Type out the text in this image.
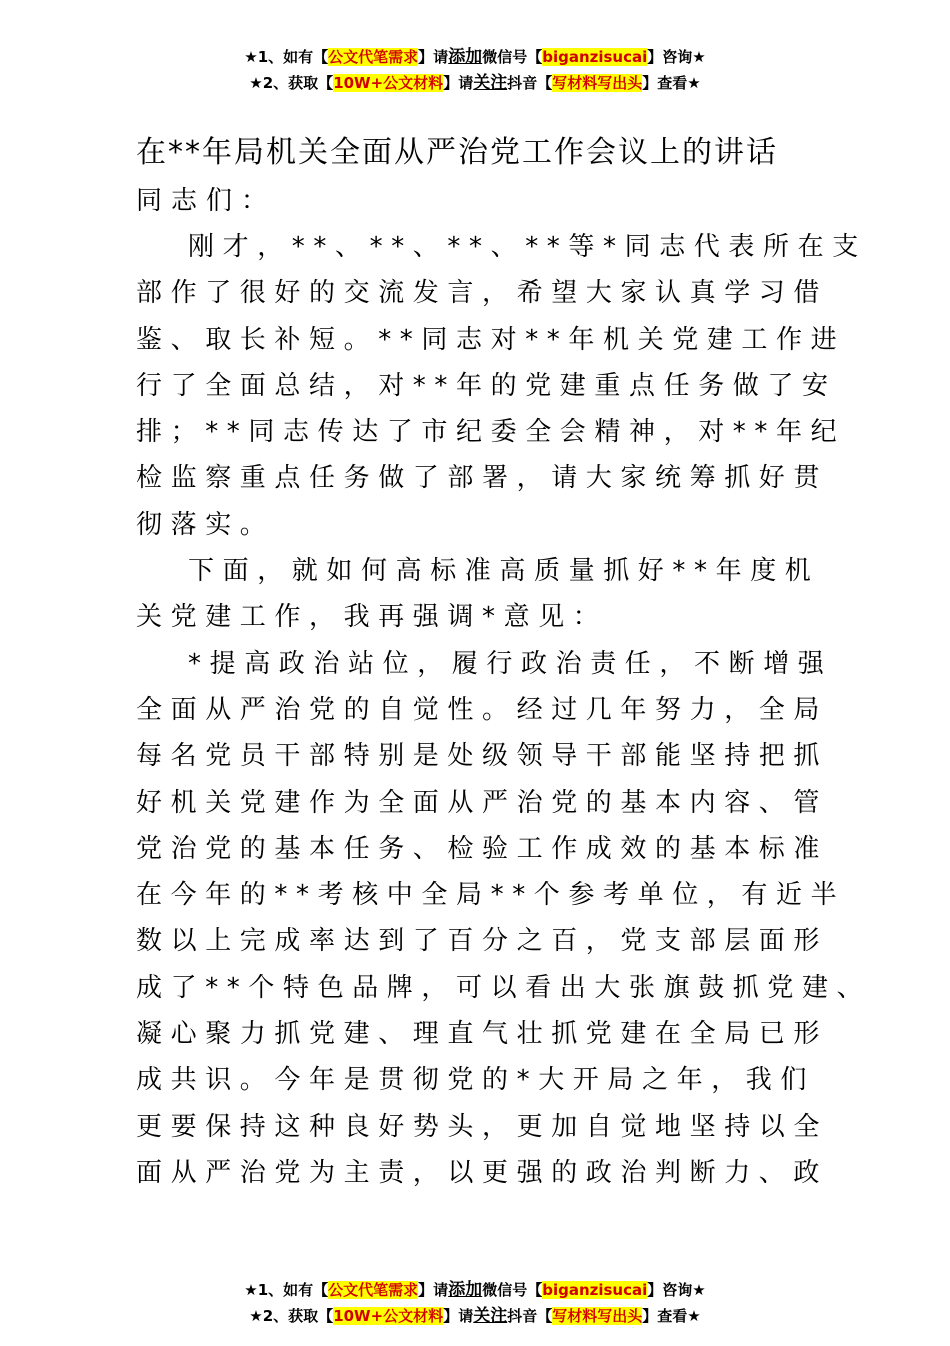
★1、如有【公文代笔需求】请添加微信号【biganzisucai】咨询★
★2、获取【10W+公文材料】请关注抖音【写材料写出头】查看★
在**年局机关全面从严治党工作会议上的讲话
同志们：
刚才，**、**、**、**等*同志代表所在支
部作了很好的交流发言，希望大家认真学习借
鉴、取长补短。**同志对**年机关党建工作进
行了全面总结，对**年的党建重点任务做了安
排；**同志传达了市纪委全会精神，对**年纪
检监察重点任务做了部署，请大家统筹抓好贯
彻落实。
下面，就如何高标准高质量抓好**年度机
关党建工作，我再强调*意见：
*提高政治站位，履行政治责任，不断增强
全面从严治党的自觉性。经过几年努力，全局
每名党员干部特别是处级领导干部能坚持把抓
好机关党建作为全面从严治党的基本内容、管
党治党的基本任务、检验工作成效的基本标准
在今年的**考核中全局**个参考单位，有近半
数以上完成率达到了百分之百，党支部层面形
成了**个特色品牌，可以看出大张旗鼓抓党建、
凝心聚力抓党建、理直气壮抓党建在全局已形
成共识。今年是贯彻党的*大开局之年，我们
更要保持这种良好势头，更加自觉地坚持以全
面从严治党为主责，以更强的政治判断力、政
★1、如有【公文代笔需求】请添加微信号【biganzisucai】咨询★
★2、获取【10W+公文材料】请关注抖音【写材料写出头】查看★
